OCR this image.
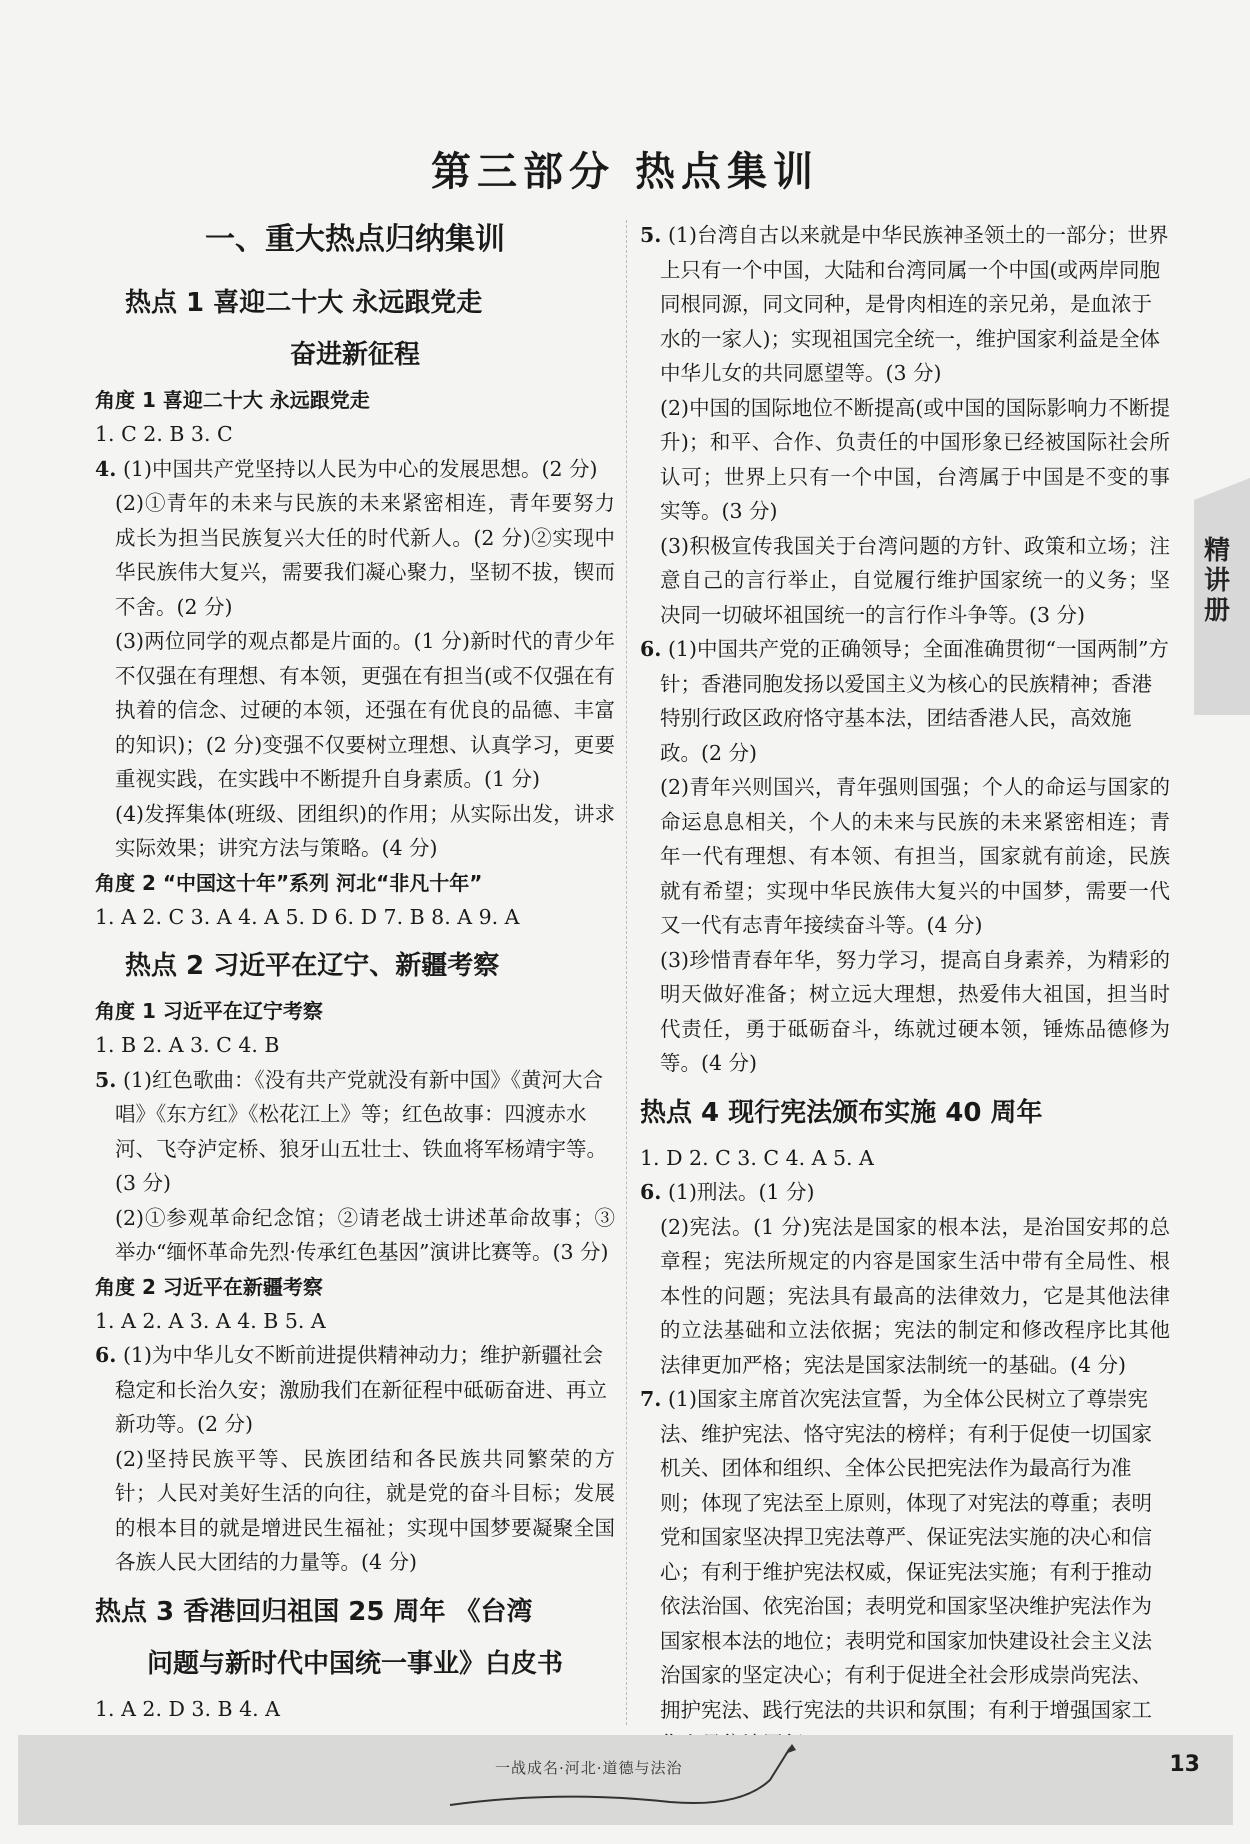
第三部分 热点集训
一、重大热点归纳集训
热点 1 喜迎二十大 永远跟党走
奋进新征程
角度 1 喜迎二十大 永远跟党走
1. C 2. B 3. C
4. (1)中国共产党坚持以人民为中心的发展思想。(2 分)
(2)①青年的未来与民族的未来紧密相连，青年要努力成长为担当民族复兴大任的时代新人。(2 分)②实现中华民族伟大复兴，需要我们凝心聚力，坚韧不拔，锲而不舍。(2 分)
(3)两位同学的观点都是片面的。(1 分)新时代的青少年不仅强在有理想、有本领，更强在有担当(或不仅强在有执着的信念、过硬的本领，还强在有优良的品德、丰富的知识)；(2 分)变强不仅要树立理想、认真学习，更要重视实践，在实践中不断提升自身素质。(1 分)
(4)发挥集体(班级、团组织)的作用；从实际出发，讲求实际效果；讲究方法与策略。(4 分)
角度 2 “中国这十年”系列 河北“非凡十年”
1. A 2. C 3. A 4. A 5. D 6. D 7. B 8. A 9. A
热点 2 习近平在辽宁、新疆考察
角度 1 习近平在辽宁考察
1. B 2. A 3. C 4. B
5. (1)红色歌曲：《没有共产党就没有新中国》《黄河大合唱》《东方红》《松花江上》等；红色故事：四渡赤水河、飞夺泸定桥、狼牙山五壮士、铁血将军杨靖宇等。(3 分)
(2)①参观革命纪念馆；②请老战士讲述革命故事；③举办“缅怀革命先烈·传承红色基因”演讲比赛等。(3 分)
角度 2 习近平在新疆考察
1. A 2. A 3. A 4. B 5. A
6. (1)为中华儿女不断前进提供精神动力；维护新疆社会稳定和长治久安；激励我们在新征程中砥砺奋进、再立新功等。(2 分)
(2)坚持民族平等、民族团结和各民族共同繁荣的方针；人民对美好生活的向往，就是党的奋斗目标；发展的根本目的就是增进民生福祉；实现中国梦要凝聚全国各族人民大团结的力量等。(4 分)
热点 3 香港回归祖国 25 周年 《台湾
问题与新时代中国统一事业》白皮书
1. A 2. D 3. B 4. A
5. (1)台湾自古以来就是中华民族神圣领土的一部分；世界上只有一个中国，大陆和台湾同属一个中国(或两岸同胞同根同源，同文同种，是骨肉相连的亲兄弟，是血浓于水的一家人)；实现祖国完全统一，维护国家利益是全体中华儿女的共同愿望等。(3 分)
(2)中国的国际地位不断提高(或中国的国际影响力不断提升)；和平、合作、负责任的中国形象已经被国际社会所认可；世界上只有一个中国，台湾属于中国是不变的事实等。(3 分)
(3)积极宣传我国关于台湾问题的方针、政策和立场；注意自己的言行举止，自觉履行维护国家统一的义务；坚决同一切破坏祖国统一的言行作斗争等。(3 分)
6. (1)中国共产党的正确领导；全面准确贯彻“一国两制”方针；香港同胞发扬以爱国主义为核心的民族精神；香港特别行政区政府恪守基本法，团结香港人民，高效施政。(2 分)
(2)青年兴则国兴，青年强则国强；个人的命运与国家的命运息息相关，个人的未来与民族的未来紧密相连；青年一代有理想、有本领、有担当，国家就有前途，民族就有希望；实现中华民族伟大复兴的中国梦，需要一代又一代有志青年接续奋斗等。(4 分)
(3)珍惜青春年华，努力学习，提高自身素养，为精彩的明天做好准备；树立远大理想，热爱伟大祖国，担当时代责任，勇于砥砺奋斗，练就过硬本领，锤炼品德修为等。(4 分)
热点 4 现行宪法颁布实施 40 周年
1. D 2. C 3. C 4. A 5. A
6. (1)刑法。(1 分)
(2)宪法。(1 分)宪法是国家的根本法，是治国安邦的总章程；宪法所规定的内容是国家生活中带有全局性、根本性的问题；宪法具有最高的法律效力，它是其他法律的立法基础和立法依据；宪法的制定和修改程序比其他法律更加严格；宪法是国家法制统一的基础。(4 分)
7. (1)国家主席首次宪法宣誓，为全体公民树立了尊崇宪法、维护宪法、恪守宪法的榜样；有利于促使一切国家机关、团体和组织、全体公民把宪法作为最高行为准则；体现了宪法至上原则，体现了对宪法的尊重；表明党和国家坚决捍卫宪法尊严、保证宪法实施的决心和信心；有利于维护宪法权威，保证宪法实施；有利于推动依法治国、依宪治国；表明党和国家坚决维护宪法作为国家根本法的地位；表明党和国家加快建设社会主义法治国家的坚定决心；有利于促进全社会形成崇尚宪法、拥护宪法、践行宪法的共识和氛围；有利于增强国家工
精讲册
一战成名·河北·道德与法治	13
